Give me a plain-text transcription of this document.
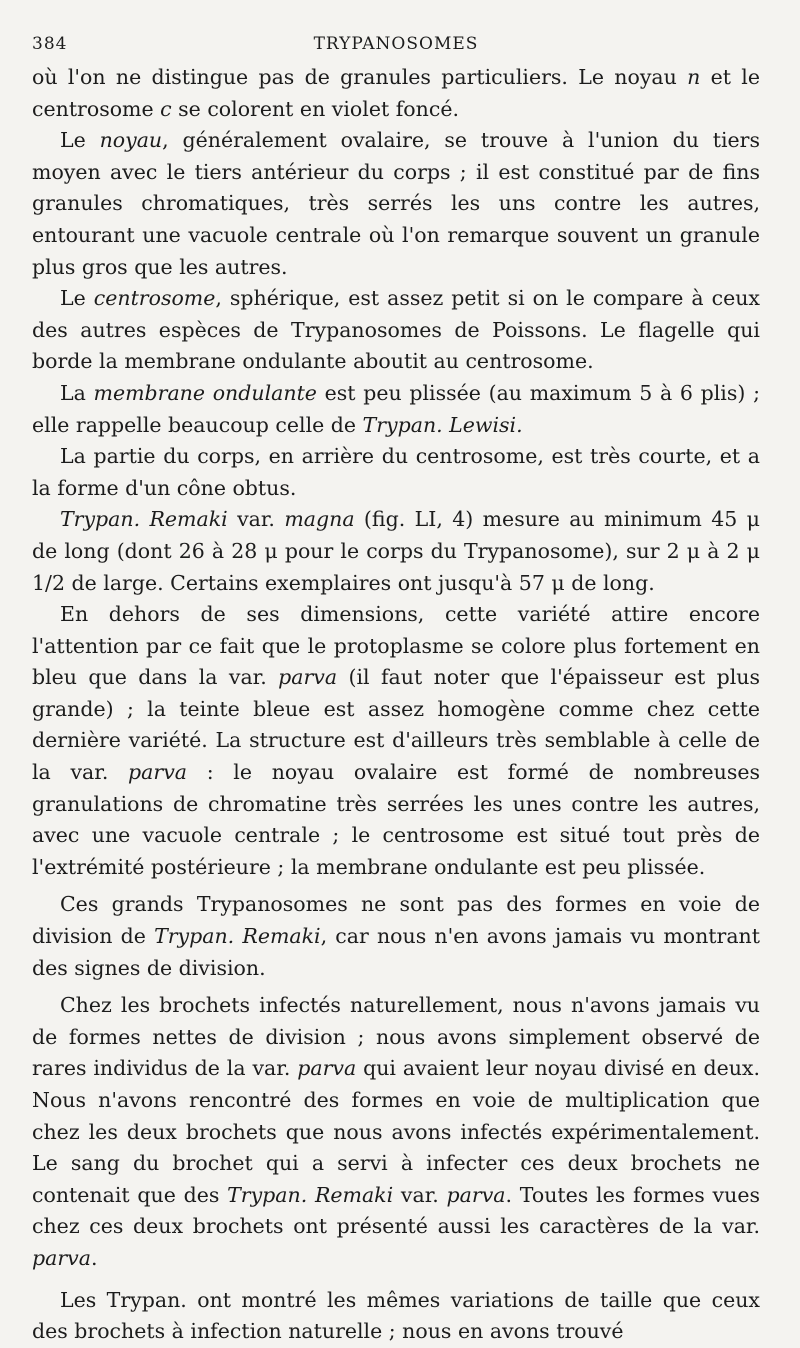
384	TRYPANOSOMES

où l'on ne distingue pas de granules particuliers. Le noyau n et le centrosome c se colorent en violet foncé.

Le noyau, généralement ovalaire, se trouve à l'union du tiers moyen avec le tiers antérieur du corps ; il est constitué par de fins granules chromatiques, très serrés les uns contre les autres, entourant une vacuole centrale où l'on remarque souvent un granule plus gros que les autres.

Le centrosome, sphérique, est assez petit si on le compare à ceux des autres espèces de Trypanosomes de Poissons. Le flagelle qui borde la membrane ondulante aboutit au centrosome.

La membrane ondulante est peu plissée (au maximum 5 à 6 plis) ; elle rappelle beaucoup celle de Trypan. Lewisi.

La partie du corps, en arrière du centrosome, est très courte, et a la forme d'un cône obtus.

Trypan. Remaki var. magna (fig. LI, 4) mesure au minimum 45 μ de long (dont 26 à 28 μ pour le corps du Trypanosome), sur 2 μ à 2 μ 1/2 de large. Certains exemplaires ont jusqu'à 57 μ de long.

En dehors de ses dimensions, cette variété attire encore l'attention par ce fait que le protoplasme se colore plus fortement en bleu que dans la var. parva (il faut noter que l'épaisseur est plus grande) ; la teinte bleue est assez homogène comme chez cette dernière variété. La structure est d'ailleurs très semblable à celle de la var. parva : le noyau ovalaire est formé de nombreuses granulations de chromatine très serrées les unes contre les autres, avec une vacuole centrale ; le centrosome est situé tout près de l'extrémité postérieure ; la membrane ondulante est peu plissée.

Ces grands Trypanosomes ne sont pas des formes en voie de division de Trypan. Remaki, car nous n'en avons jamais vu montrant des signes de division.

Chez les brochets infectés naturellement, nous n'avons jamais vu de formes nettes de division ; nous avons simplement observé de rares individus de la var. parva qui avaient leur noyau divisé en deux. Nous n'avons rencontré des formes en voie de multiplication que chez les deux brochets que nous avons infectés expérimentalement. Le sang du brochet qui a servi à infecter ces deux brochets ne contenait que des Trypan. Remaki var. parva. Toutes les formes vues chez ces deux brochets ont présenté aussi les caractères de la var. parva.

Les Trypan. ont montré les mêmes variations de taille que ceux des brochets à infection naturelle ; nous en avons trouvé
